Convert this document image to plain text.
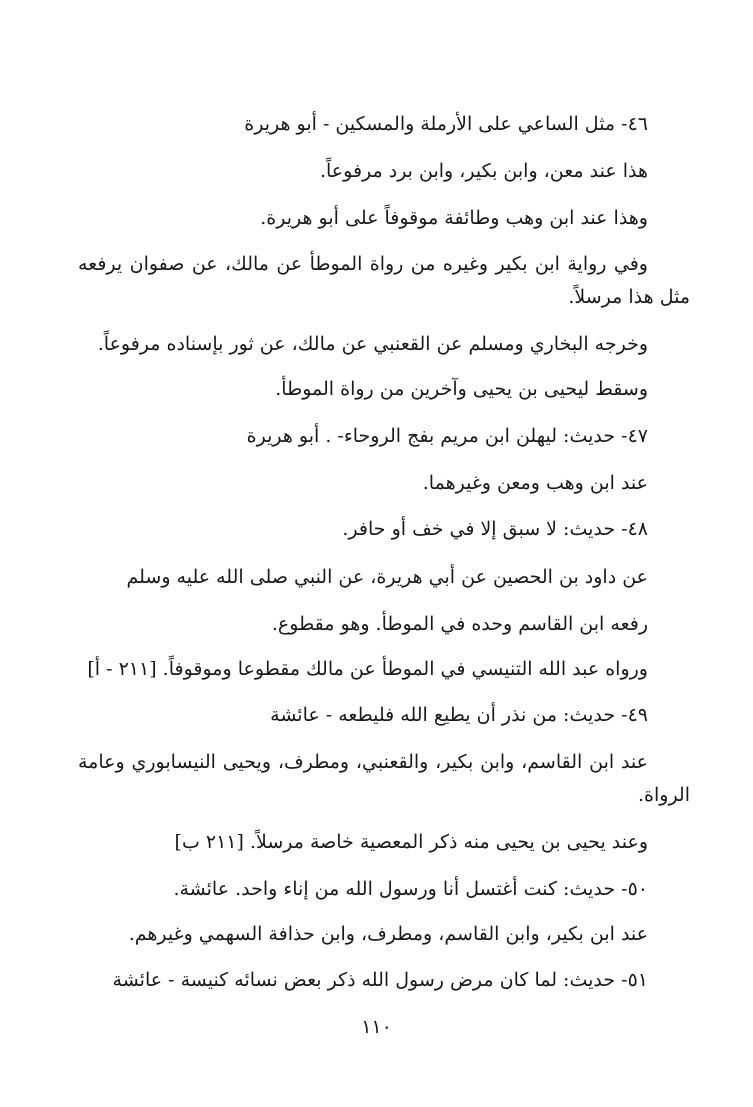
٤٦- مثل الساعي على الأرملة والمسكين - أبو هريرة
هذا عند معن، وابن بكير، وابن برد مرفوعاً.
وهذا عند ابن وهب وطائفة موقوفاً على أبو هريرة.
وفي رواية ابن بكير وغيره من رواة الموطأ عن مالك، عن صفوان يرفعه
مثل هذا مرسلاً.
وخرجه البخاري ومسلم عن القعنبي عن مالك، عن ثور بإسناده مرفوعاً.
وسقط ليحيى بن يحيى وآخرين من رواة الموطأ.
٤٧- حديث: ليهلن ابن مريم بفج الروحاء- . أبو هريرة
عند ابن وهب ومعن وغيرهما.
٤٨- حديث: لا سبق إلا في خف أو حافر.
عن داود بن الحصين عن أبي هريرة، عن النبي صلى الله عليه وسلم
رفعه ابن القاسم وحده في الموطأ. وهو مقطوع.
ورواه عبد الله التنيسي في الموطأ عن مالك مقطوعا وموقوفاً. [٢١١ - أ]
٤٩- حديث: من نذر أن يطيع الله فليطعه - عائشة
عند ابن القاسم، وابن بكير، والقعنبي، ومطرف، ويحيى النيسابوري وعامة
الرواة.
وعند يحيى بن يحيى منه ذكر المعصية خاصة مرسلاً. [٢١١ ب]
٥٠- حديث: كنت أغتسل أنا ورسول الله من إناء واحد. عائشة.
عند ابن بكير، وابن القاسم، ومطرف، وابن حذافة السهمي وغيرهم.
٥١- حديث: لما كان مرض رسول الله ذكر بعض نسائه كنيسة - عائشة
١١٠
